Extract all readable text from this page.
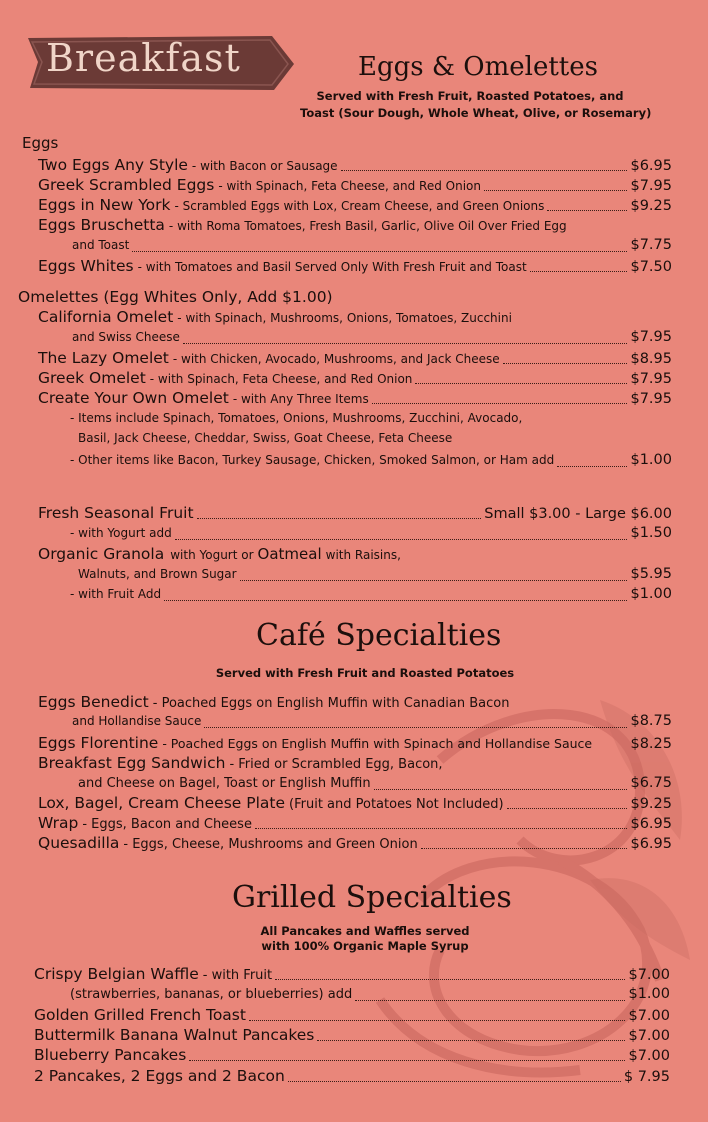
Breakfast	Eggs & Omelettes
Served with Fresh Fruit, Roasted Potatoes, and
Toast (Sour Dough, Whole Wheat, Olive, or Rosemary)
Eggs
Two Eggs Any Style - with Bacon or Sausage	$6.95
Greek Scrambled Eggs - with Spinach, Feta Cheese, and Red Onion	$7.95
Eggs in New York - Scrambled Eggs with Lox, Cream Cheese, and Green Onions	$9.25
Eggs Bruschetta - with Roma Tomatoes, Fresh Basil, Garlic, Olive Oil Over Fried Egg
and Toast	$7.75
Eggs Whites - with Tomatoes and Basil Served Only With Fresh Fruit and Toast	$7.50
Omelettes (Egg Whites Only, Add $1.00)
California Omelet - with Spinach, Mushrooms, Onions, Tomatoes, Zucchini
and Swiss Cheese	$7.95
The Lazy Omelet - with Chicken, Avocado, Mushrooms, and Jack Cheese	$8.95
Greek Omelet - with Spinach, Feta Cheese, and Red Onion	$7.95
Create Your Own Omelet - with Any Three Items	$7.95
- Items include Spinach, Tomatoes, Onions, Mushrooms, Zucchini, Avocado,
Basil, Jack Cheese, Cheddar, Swiss, Goat Cheese, Feta Cheese
- Other items like Bacon, Turkey Sausage, Chicken, Smoked Salmon, or Ham add	$1.00
Fresh Seasonal Fruit	Small $3.00 - Large $6.00
- with Yogurt add	$1.50
Organic Granola with Yogurt or Oatmeal with Raisins,
Walnuts, and Brown Sugar	$5.95
- with Fruit Add	$1.00
Café Specialties
Served with Fresh Fruit and Roasted Potatoes
Eggs Benedict - Poached Eggs on English Muffin with Canadian Bacon
and Hollandise Sauce	$8.75
Eggs Florentine - Poached Eggs on English Muffin with Spinach and Hollandise Sauce	$8.25
Breakfast Egg Sandwich - Fried or Scrambled Egg, Bacon,
and Cheese on Bagel, Toast or English Muffin	$6.75
Lox, Bagel, Cream Cheese Plate (Fruit and Potatoes Not Included)	$9.25
Wrap - Eggs, Bacon and Cheese	$6.95
Quesadilla - Eggs, Cheese, Mushrooms and Green Onion	$6.95
Grilled Specialties
All Pancakes and Waffles served
with 100% Organic Maple Syrup
Crispy Belgian Waffle - with Fruit	$7.00
(strawberries, bananas, or blueberries) add	$1.00
Golden Grilled French Toast	$7.00
Buttermilk Banana Walnut Pancakes	$7.00
Blueberry Pancakes	$7.00
2 Pancakes, 2 Eggs and 2 Bacon	$ 7.95
